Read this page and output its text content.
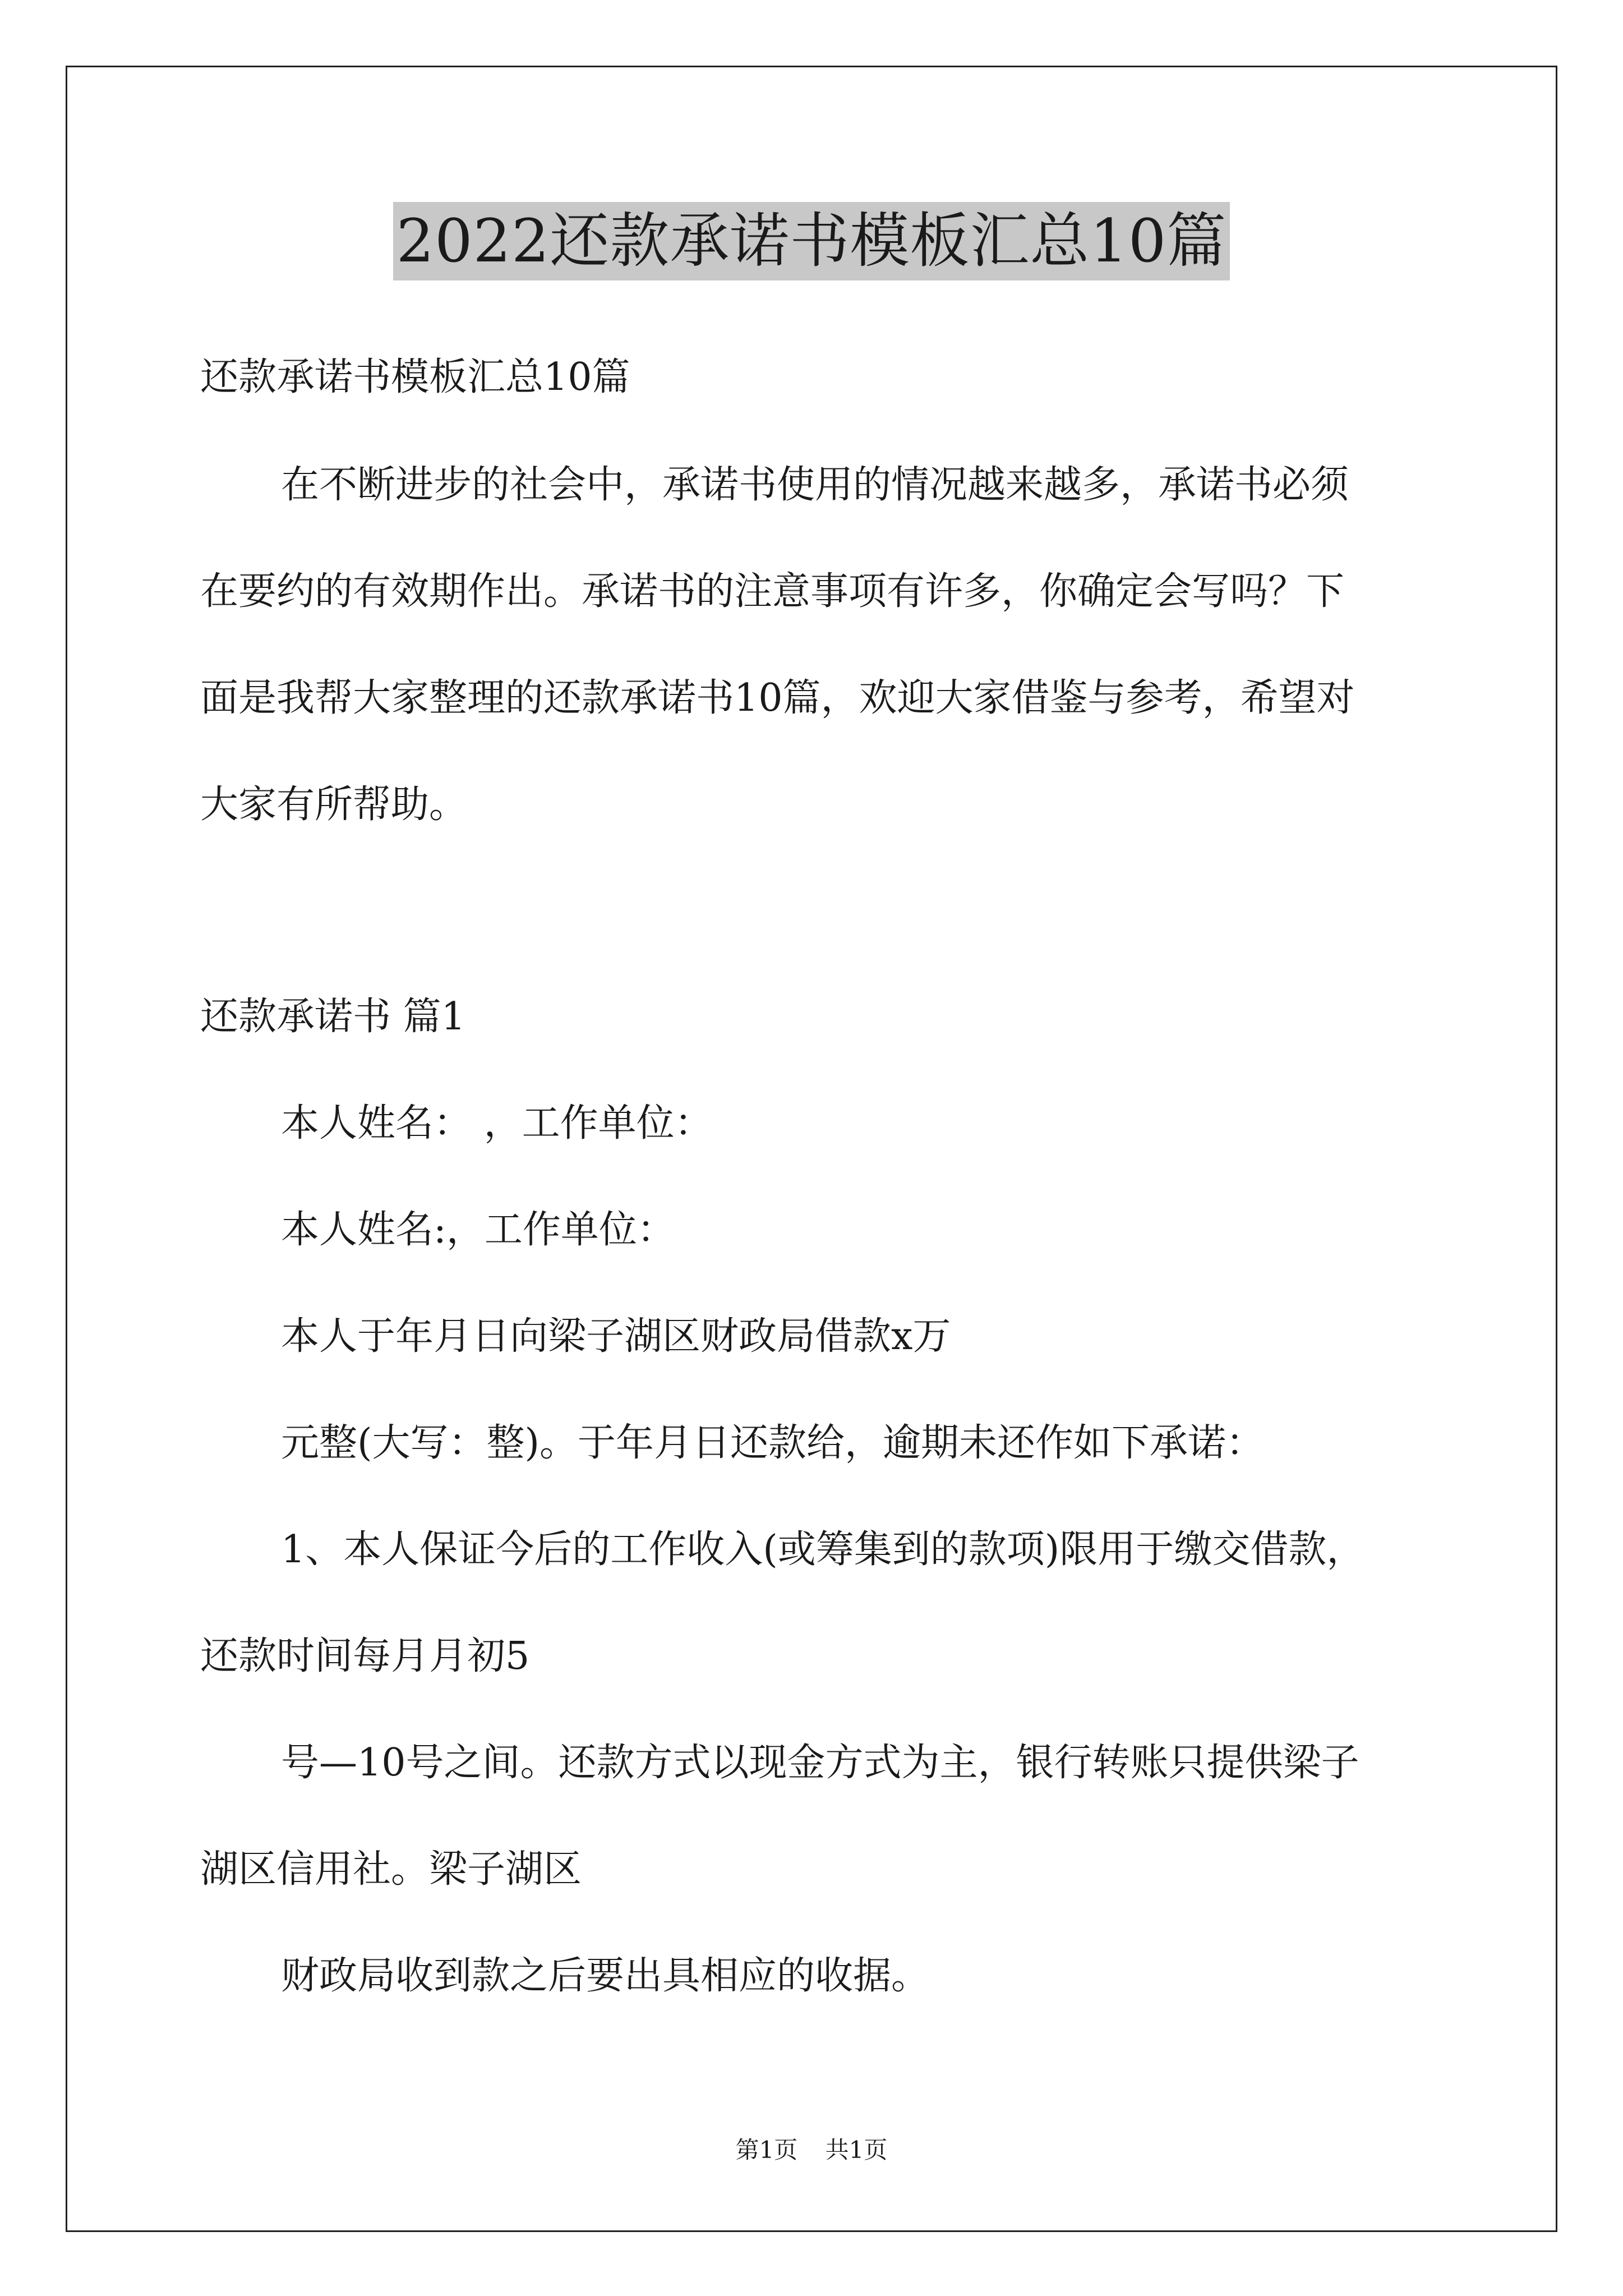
2022还款承诺书模板汇总10篇
还款承诺书模板汇总10篇
在不断进步的社会中，承诺书使用的情况越来越多，承诺书必须
在要约的有效期作出。承诺书的注意事项有许多，你确定会写吗？下
面是我帮大家整理的还款承诺书10篇，欢迎大家借鉴与参考，希望对
大家有所帮助。
还款承诺书 篇1
本人姓名： ，工作单位：
本人姓名:，工作单位：
本人于年月日向梁子湖区财政局借款x万
元整(大写：整)。于年月日还款给，逾期未还作如下承诺：
1、本人保证今后的工作收入(或筹集到的款项)限用于缴交借款，
还款时间每月月初5
号—10号之间。还款方式以现金方式为主，银行转账只提供梁子
湖区信用社。梁子湖区
财政局收到款之后要出具相应的收据。
第1页 共1页
